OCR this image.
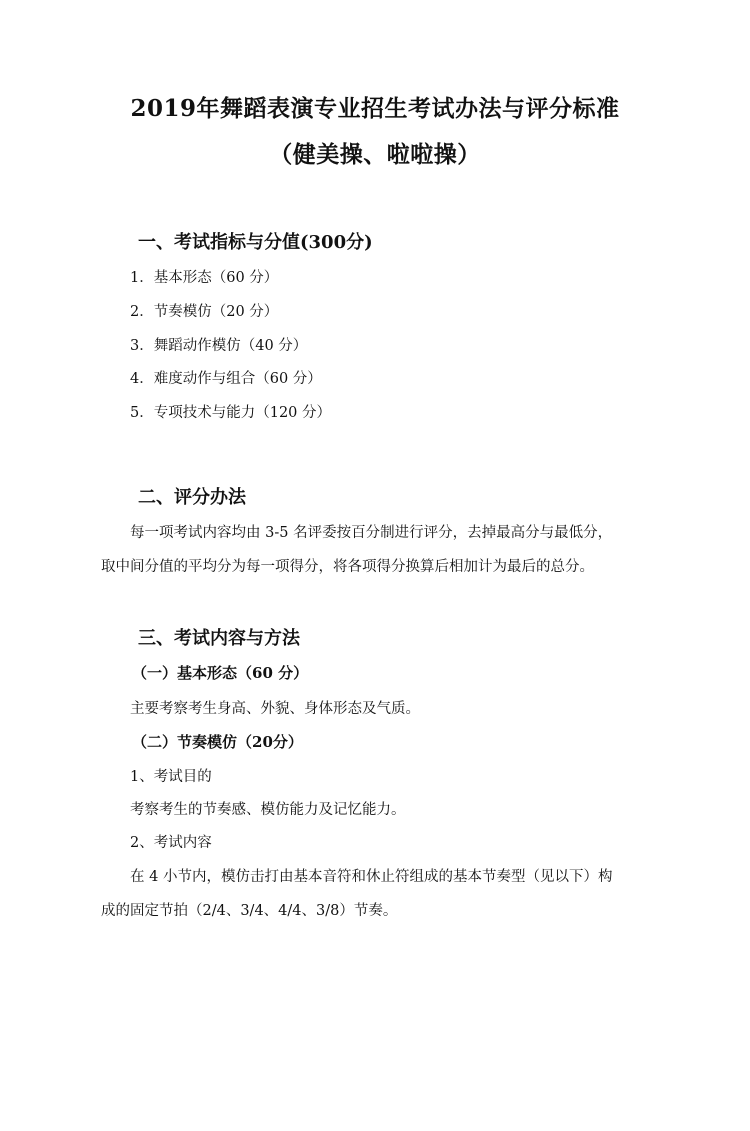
2019年舞蹈表演专业招生考试办法与评分标准
（健美操、啦啦操）
一、考试指标与分值(300分)
1．基本形态（60 分）
2．节奏模仿（20 分）
3．舞蹈动作模仿（40 分）
4．难度动作与组合（60 分）
5．专项技术与能力（120 分）
二、评分办法
每一项考试内容均由 3-5 名评委按百分制进行评分，去掉最高分与最低分，
取中间分值的平均分为每一项得分，将各项得分换算后相加计为最后的总分。
三、考试内容与方法
（一）基本形态（60 分）
主要考察考生身高、外貌、身体形态及气质。
（二）节奏模仿（20分）
1、考试目的
考察考生的节奏感、模仿能力及记忆能力。
2、考试内容
在 4 小节内，模仿击打由基本音符和休止符组成的基本节奏型（见以下）构
成的固定节拍（2/4、3/4、4/4、3/8）节奏。
